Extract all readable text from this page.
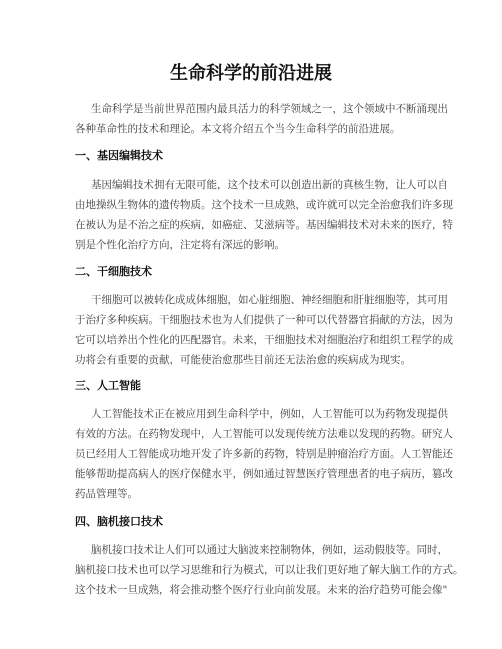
生命科学的前沿进展
生命科学是当前世界范围内最具活力的科学领域之一，这个领域中不断涌现出
各种革命性的技术和理论。本文将介绍五个当今生命科学的前沿进展。
一、基因编辑技术
基因编辑技术拥有无限可能，这个技术可以创造出新的真核生物，让人可以自
由地操纵生物体的遗传物质。这个技术一旦成熟，或许就可以完全治愈我们许多现
在被认为是不治之症的疾病，如癌症、艾滋病等。基因编辑技术对未来的医疗，特
别是个性化治疗方向，注定将有深远的影响。
二、干细胞技术
干细胞可以被转化成成体细胞，如心脏细胞、神经细胞和肝脏细胞等，其可用
于治疗多种疾病。干细胞技术也为人们提供了一种可以代替器官捐献的方法，因为
它可以培养出个性化的匹配器官。未来，干细胞技术对细胞治疗和组织工程学的成
功将会有重要的贡献，可能使治愈那些目前还无法治愈的疾病成为现实。
三、人工智能
人工智能技术正在被应用到生命科学中，例如，人工智能可以为药物发现提供
有效的方法。在药物发现中，人工智能可以发现传统方法难以发现的药物。研究人
员已经用人工智能成功地开发了许多新的药物，特别是肿瘤治疗方面。人工智能还
能够帮助提高病人的医疗保健水平，例如通过智慧医疗管理患者的电子病历，篡改
药品管理等。
四、脑机接口技术
脑机接口技术让人们可以通过大脑波来控制物体，例如，运动假肢等。同时，
脑机接口技术也可以学习思维和行为模式，可以让我们更好地了解大脑工作的方式。
这个技术一旦成熟，将会推动整个医疗行业向前发展。未来的治疗趋势可能会像"
